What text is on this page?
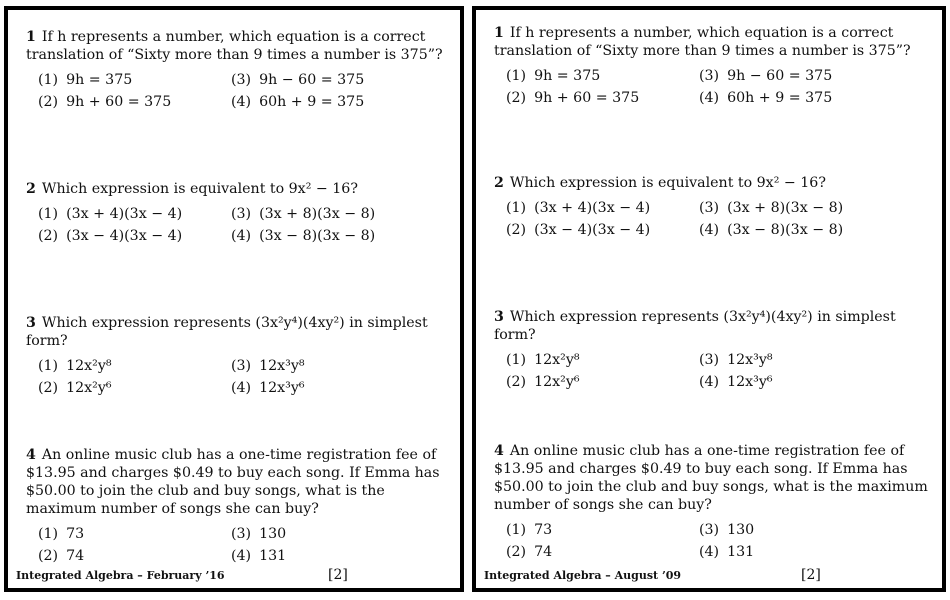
1 If h represents a number, which equation is a correct translation of “Sixty more than 9 times a number is 375”?

(1) 9h = 375	(3) 9h − 60 = 375
(2) 9h + 60 = 375	(4) 60h + 9 = 375

2 Which expression is equivalent to 9x² − 16?

(1) (3x + 4)(3x − 4)	(3) (3x + 8)(3x − 8)
(2) (3x − 4)(3x − 4)	(4) (3x − 8)(3x − 8)

3 Which expression represents (3x²y⁴)(4xy²) in simplest form?

(1) 12x²y⁸	(3) 12x³y⁸
(2) 12x²y⁶	(4) 12x³y⁶

4 An online music club has a one-time registration fee of $13.95 and charges $0.49 to buy each song. If Emma has $50.00 to join the club and buy songs, what is the maximum number of songs she can buy?

(1) 73	(3) 130
(2) 74	(4) 131
Integrated Algebra – February ’16	[2]

1 If h represents a number, which equation is a correct translation of “Sixty more than 9 times a number is 375”?

(1) 9h = 375	(3) 9h − 60 = 375
(2) 9h + 60 = 375	(4) 60h + 9 = 375

2 Which expression is equivalent to 9x² − 16?

(1) (3x + 4)(3x − 4)	(3) (3x + 8)(3x − 8)
(2) (3x − 4)(3x − 4)	(4) (3x − 8)(3x − 8)

3 Which expression represents (3x²y⁴)(4xy²) in simplest form?

(1) 12x²y⁸	(3) 12x³y⁸
(2) 12x²y⁶	(4) 12x³y⁶

4 An online music club has a one-time registration fee of $13.95 and charges $0.49 to buy each song. If Emma has $50.00 to join the club and buy songs, what is the maximum number of songs she can buy?

(1) 73	(3) 130
(2) 74	(4) 131
Integrated Algebra – August ’09	[2]
